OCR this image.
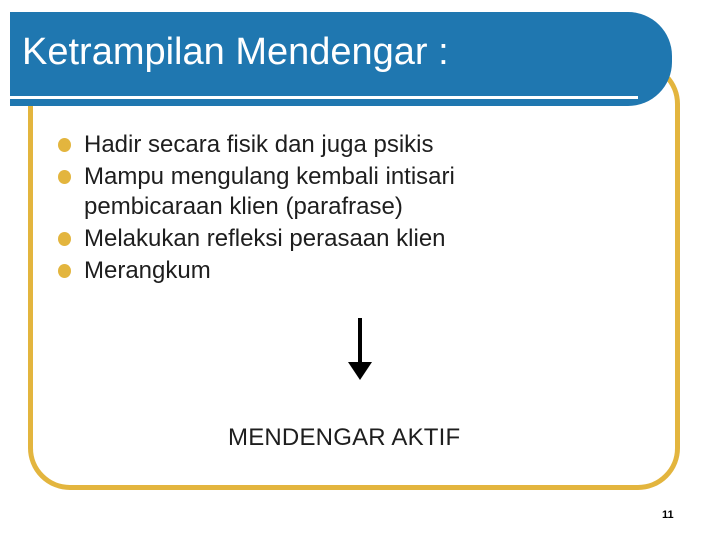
Ketrampilan Mendengar :
Hadir secara fisik dan juga psikis
Mampu mengulang kembali intisari pembicaraan klien (parafrase)
Melakukan refleksi perasaan klien
Merangkum

MENDENGAR AKTIF

11
